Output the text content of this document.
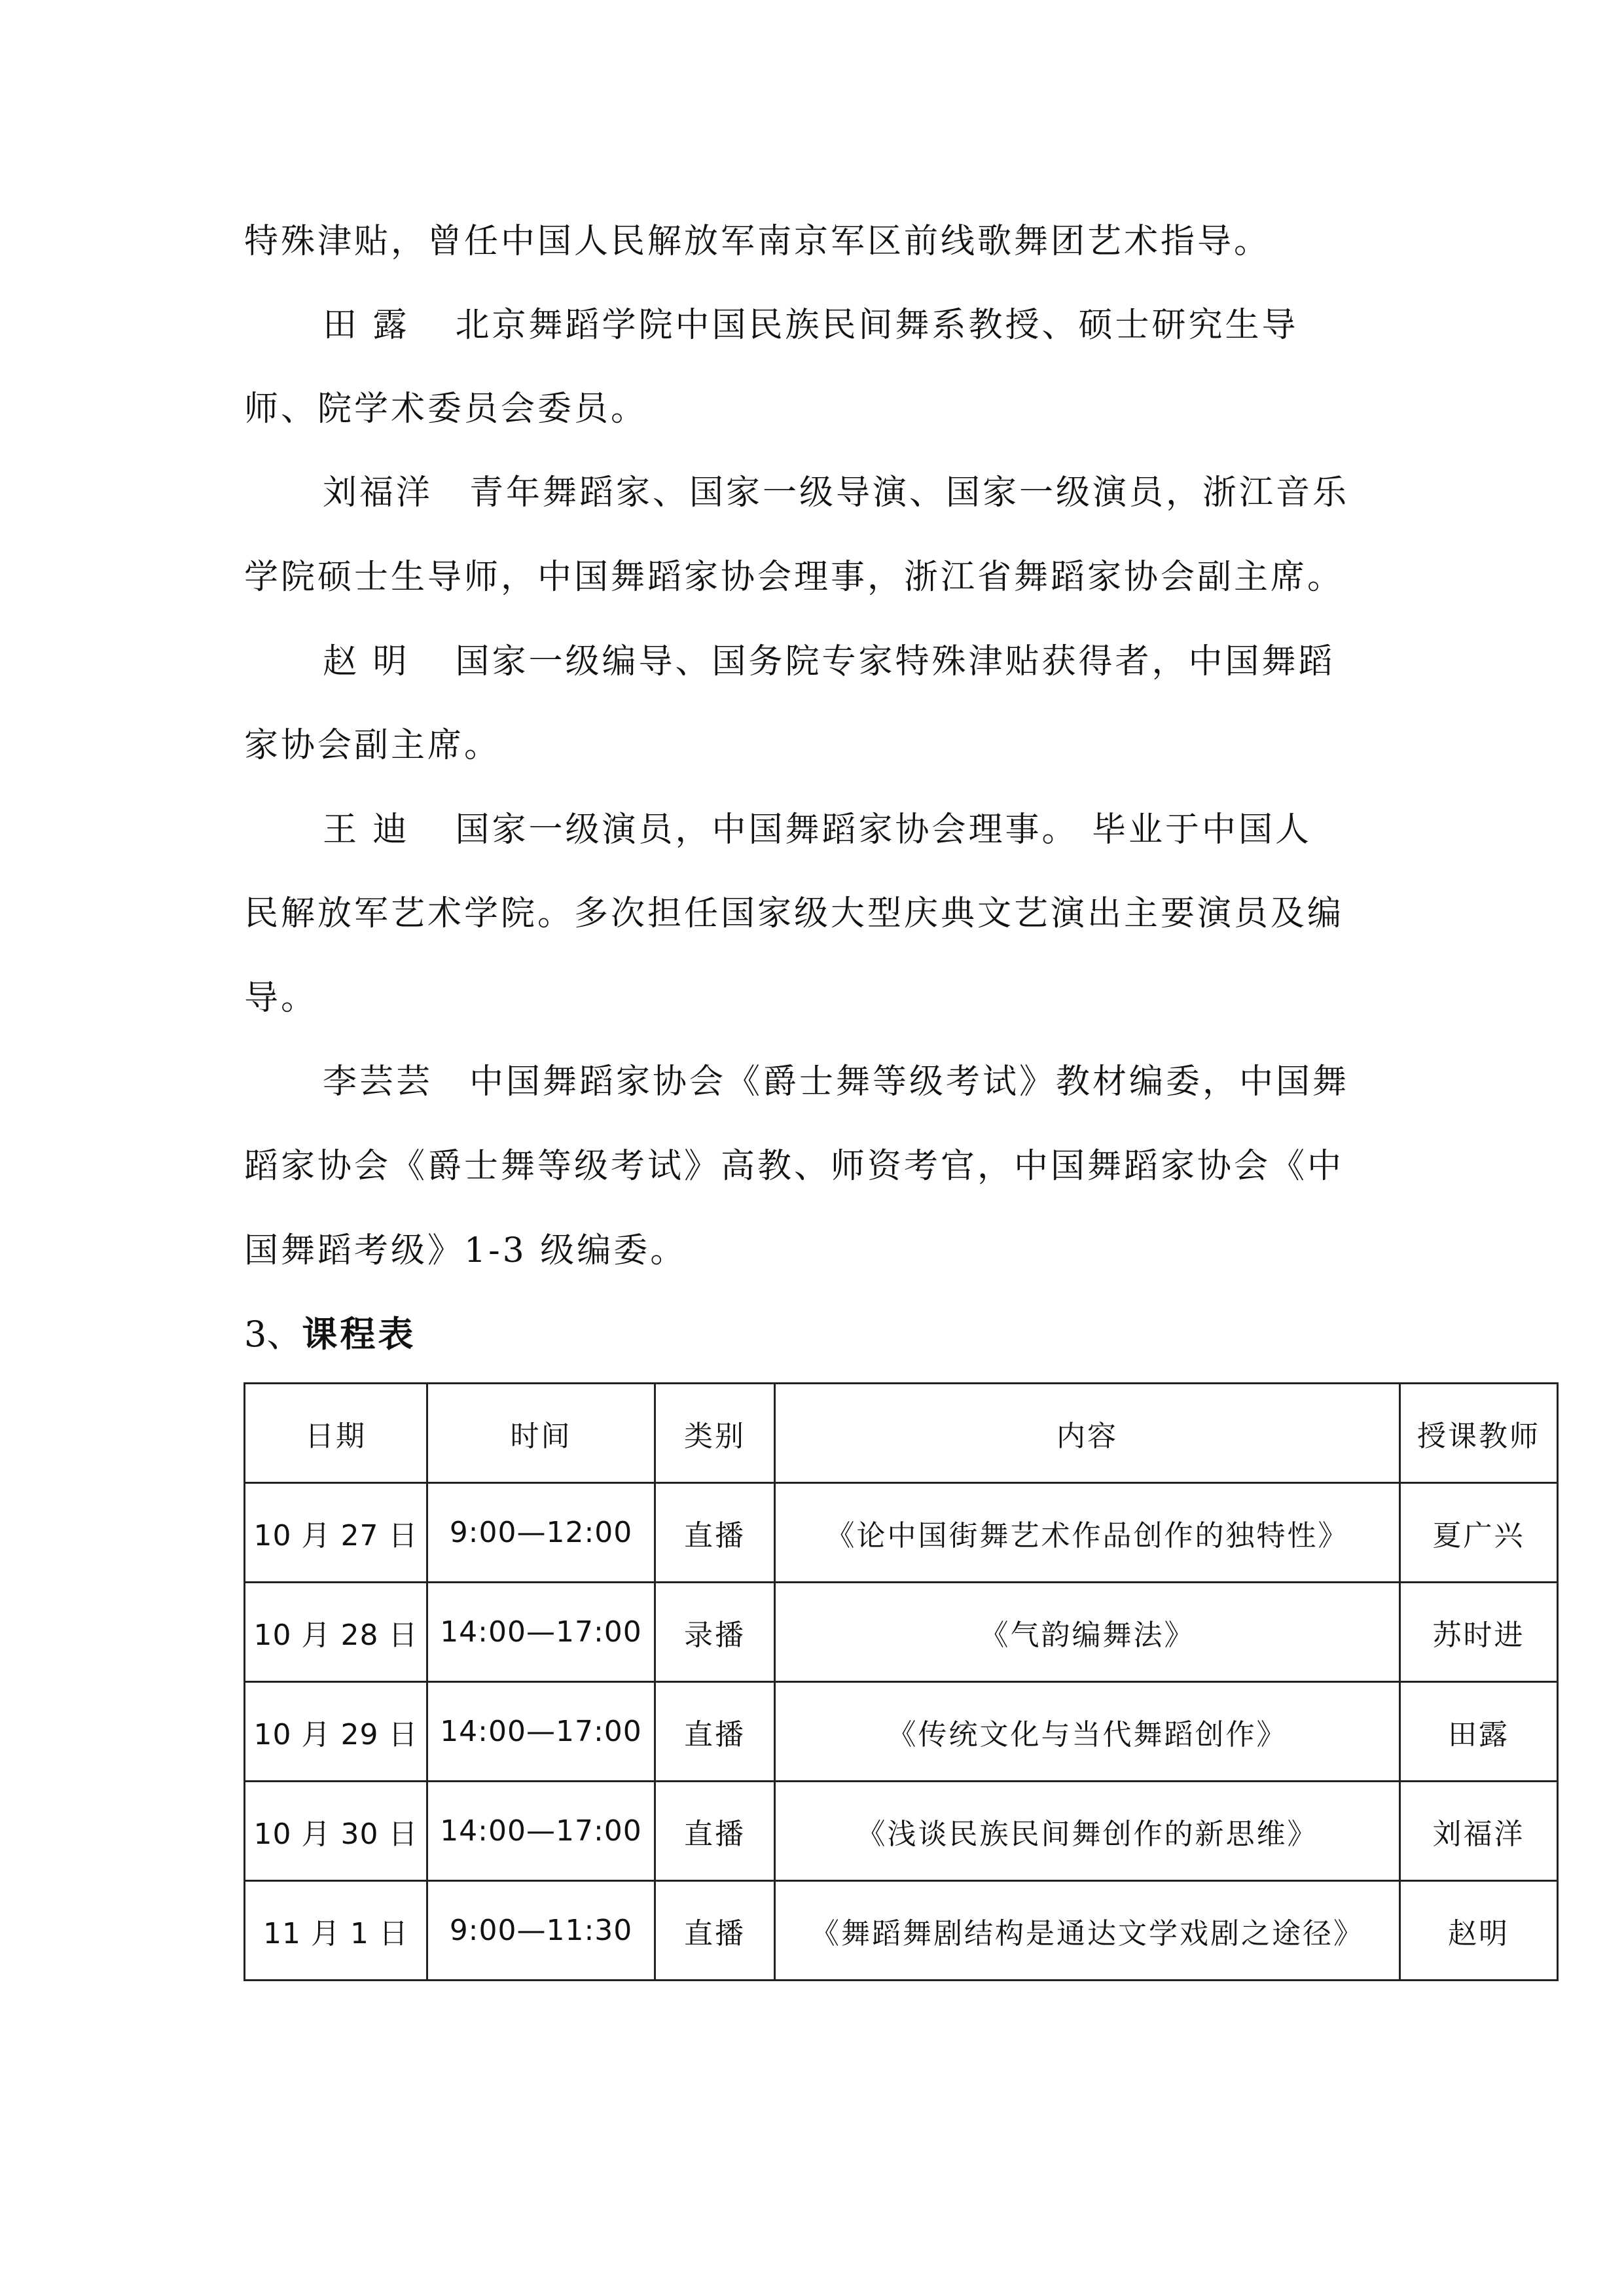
特殊津贴，曾任中国人民解放军南京军区前线歌舞团艺术指导。
田 露 北京舞蹈学院中国民族民间舞系教授、硕士研究生导
师、院学术委员会委员。
刘福洋 青年舞蹈家、国家一级导演、国家一级演员，浙江音乐
学院硕士生导师，中国舞蹈家协会理事，浙江省舞蹈家协会副主席。
赵 明 国家一级编导、国务院专家特殊津贴获得者，中国舞蹈
家协会副主席。
王 迪 国家一级演员，中国舞蹈家协会理事。 毕业于中国人
民解放军艺术学院。多次担任国家级大型庆典文艺演出主要演员及编
导。
李芸芸 中国舞蹈家协会《爵士舞等级考试》教材编委，中国舞
蹈家协会《爵士舞等级考试》高教、师资考官，中国舞蹈家协会《中
国舞蹈考级》1-3 级编委。
3、课程表
日期	时间	类别	内容	授课教师
10 月 27 日	9:00—12:00	直播	《论中国街舞艺术作品创作的独特性》	夏广兴
10 月 28 日	14:00—17:00	录播	《气韵编舞法》	苏时进
10 月 29 日	14:00—17:00	直播	《传统文化与当代舞蹈创作》	田露
10 月 30 日	14:00—17:00	直播	《浅谈民族民间舞创作的新思维》	刘福洋
11 月 1 日	9:00—11:30	直播	《舞蹈舞剧结构是通达文学戏剧之途径》	赵明
